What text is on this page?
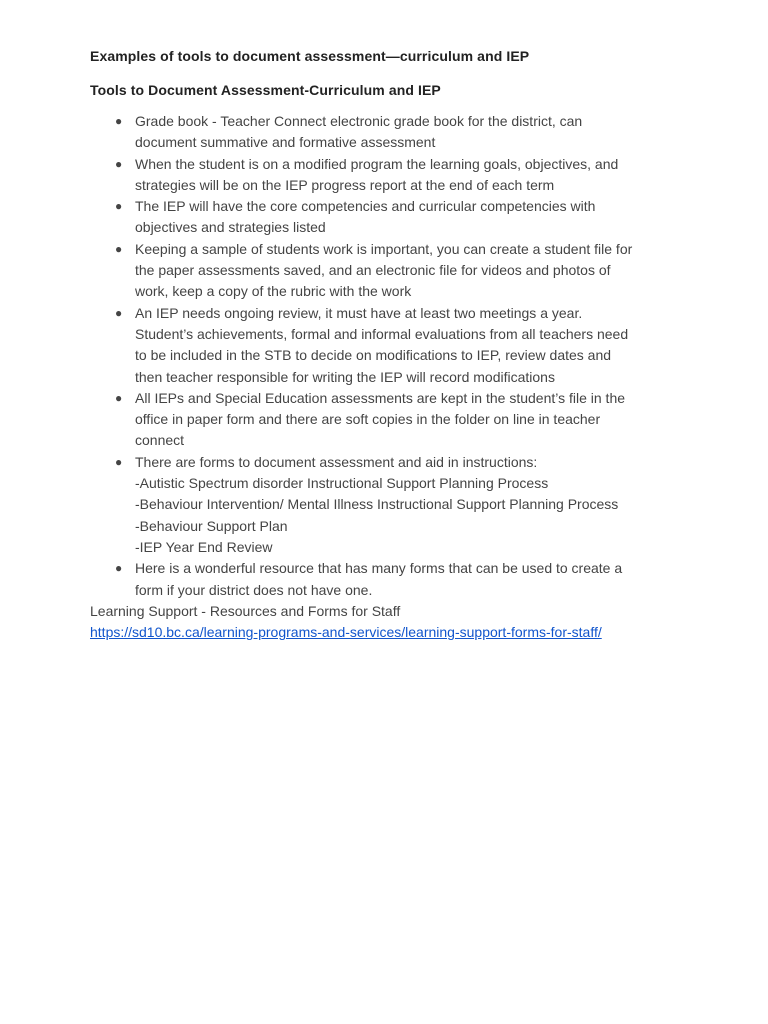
Examples of tools to document assessment—curriculum and IEP

Tools to Document Assessment-Curriculum and IEP

● Grade book - Teacher Connect electronic grade book for the district, can
document summative and formative assessment
● When the student is on a modified program the learning goals, objectives, and
strategies will be on the IEP progress report at the end of each term
● The IEP will have the core competencies and curricular competencies with
objectives and strategies listed
● Keeping a sample of students work is important, you can create a student file for
the paper assessments saved, and an electronic file for videos and photos of
work, keep a copy of the rubric with the work
● An IEP needs ongoing review, it must have at least two meetings a year.
Student’s achievements, formal and informal evaluations from all teachers need
to be included in the STB to decide on modifications to IEP, review dates and
then teacher responsible for writing the IEP will record modifications
● All IEPs and Special Education assessments are kept in the student’s file in the
office in paper form and there are soft copies in the folder on line in teacher
connect
● There are forms to document assessment and aid in instructions:
-Autistic Spectrum disorder Instructional Support Planning Process
-Behaviour Intervention/ Mental Illness Instructional Support Planning Process
-Behaviour Support Plan
-IEP Year End Review
● Here is a wonderful resource that has many forms that can be used to create a
form if your district does not have one.

Learning Support - Resources and Forms for Staff

https://sd10.bc.ca/learning-programs-and-services/learning-support-forms-for-staff/
